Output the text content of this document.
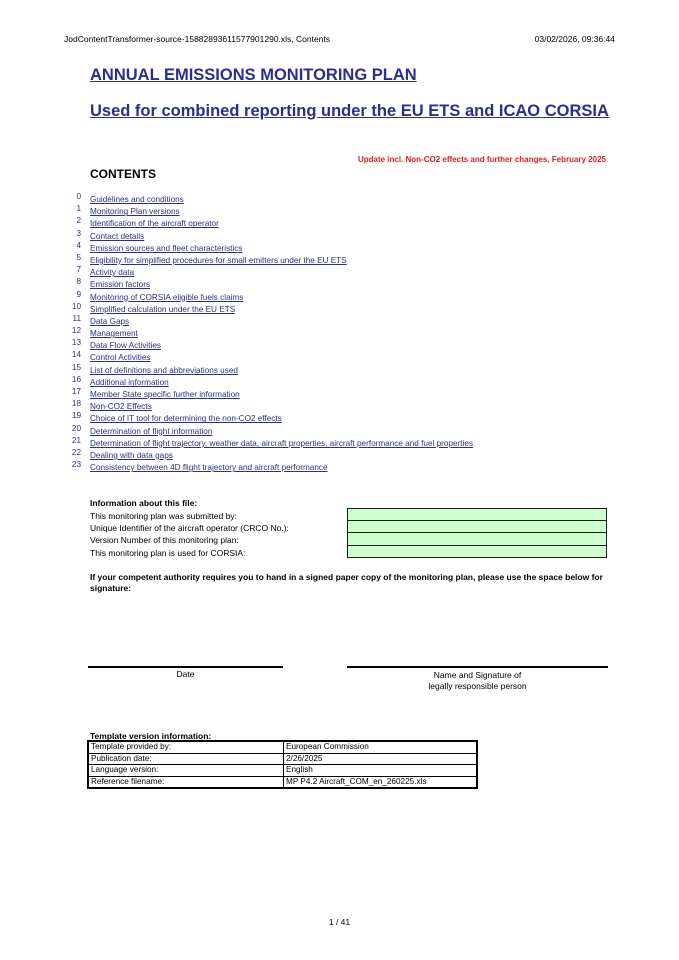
JodContentTransformer-source-15882893611577901290.xls, Contents	03/02/2026, 09:36:44
ANNUAL EMISSIONS MONITORING PLAN
Used for combined reporting under the EU ETS and ICAO CORSIA
Update incl. Non-CO2 effects and further changes, February 2025
CONTENTS
0 Guidelines and conditions
1 Monitoring Plan versions
2 Identification of the aircraft operator
3 Contact details
4 Emission sources and fleet characteristics
5 Eligibility for simplified procedures for small emitters under the EU ETS
7 Activity data
8 Emission factors
9 Monitoring of CORSIA eligible fuels claims
10 Simplified calculation under the EU ETS
11 Data Gaps
12 Management
13 Data Flow Activities
14 Control Activities
15 List of definitions and abbreviations used
16 Additional information
17 Member State specific further information
18 Non-CO2 Effects
19 Choice of IT tool for determining the non-CO2 effects
20 Determination of flight information
21 Determination of flight trajectory, weather data, aircraft properties, aircraft performance and fuel properties
22 Dealing with data gaps
23 Consistency between 4D flight trajectory and aircraft performance
Information about this file:
This monitoring plan was submitted by:
Unique Identifier of the aircraft operator (CRCO No.):
Version Number of this monitoring plan:
This monitoring plan is used for CORSIA:
If your competent authority requires you to hand in a signed paper copy of the monitoring plan, please use the space below for signature:
Date	Name and Signature of
legally responsible person
Template version information:
Template provided by:	European Commission
Publication date:	2/26/2025
Language version:	English
Reference filename:	MP P4.2 Aircraft_COM_en_260225.xls
1 / 41
